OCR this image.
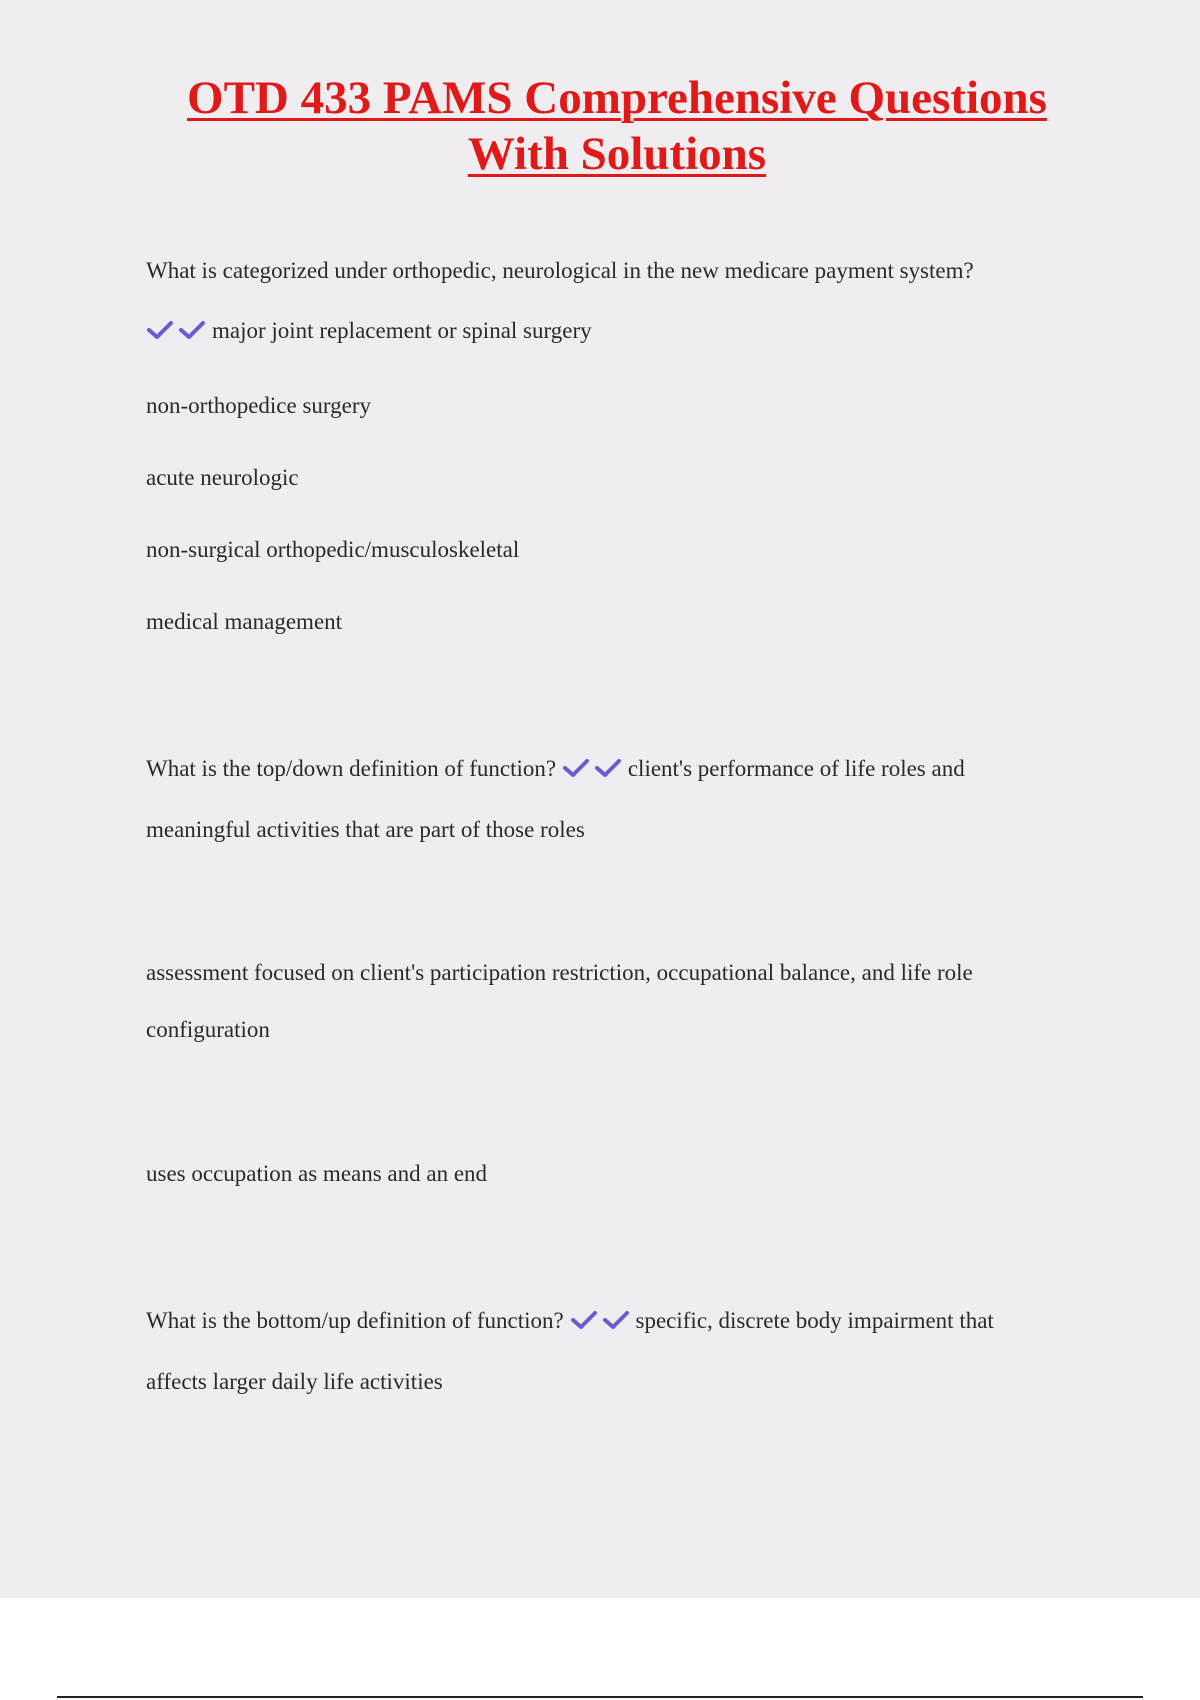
OTD 433 PAMS Comprehensive Questions
With Solutions
What is categorized under orthopedic, neurological in the new medicare payment system?
major joint replacement or spinal surgery
non-orthopedice surgery
acute neurologic
non-surgical orthopedic/musculoskeletal
medical management
What is the top/down definition of function?	client's performance of life roles and
meaningful activities that are part of those roles
assessment focused on client's participation restriction, occupational balance, and life role
configuration
uses occupation as means and an end
What is the bottom/up definition of function?	specific, discrete body impairment that
affects larger daily life activities
